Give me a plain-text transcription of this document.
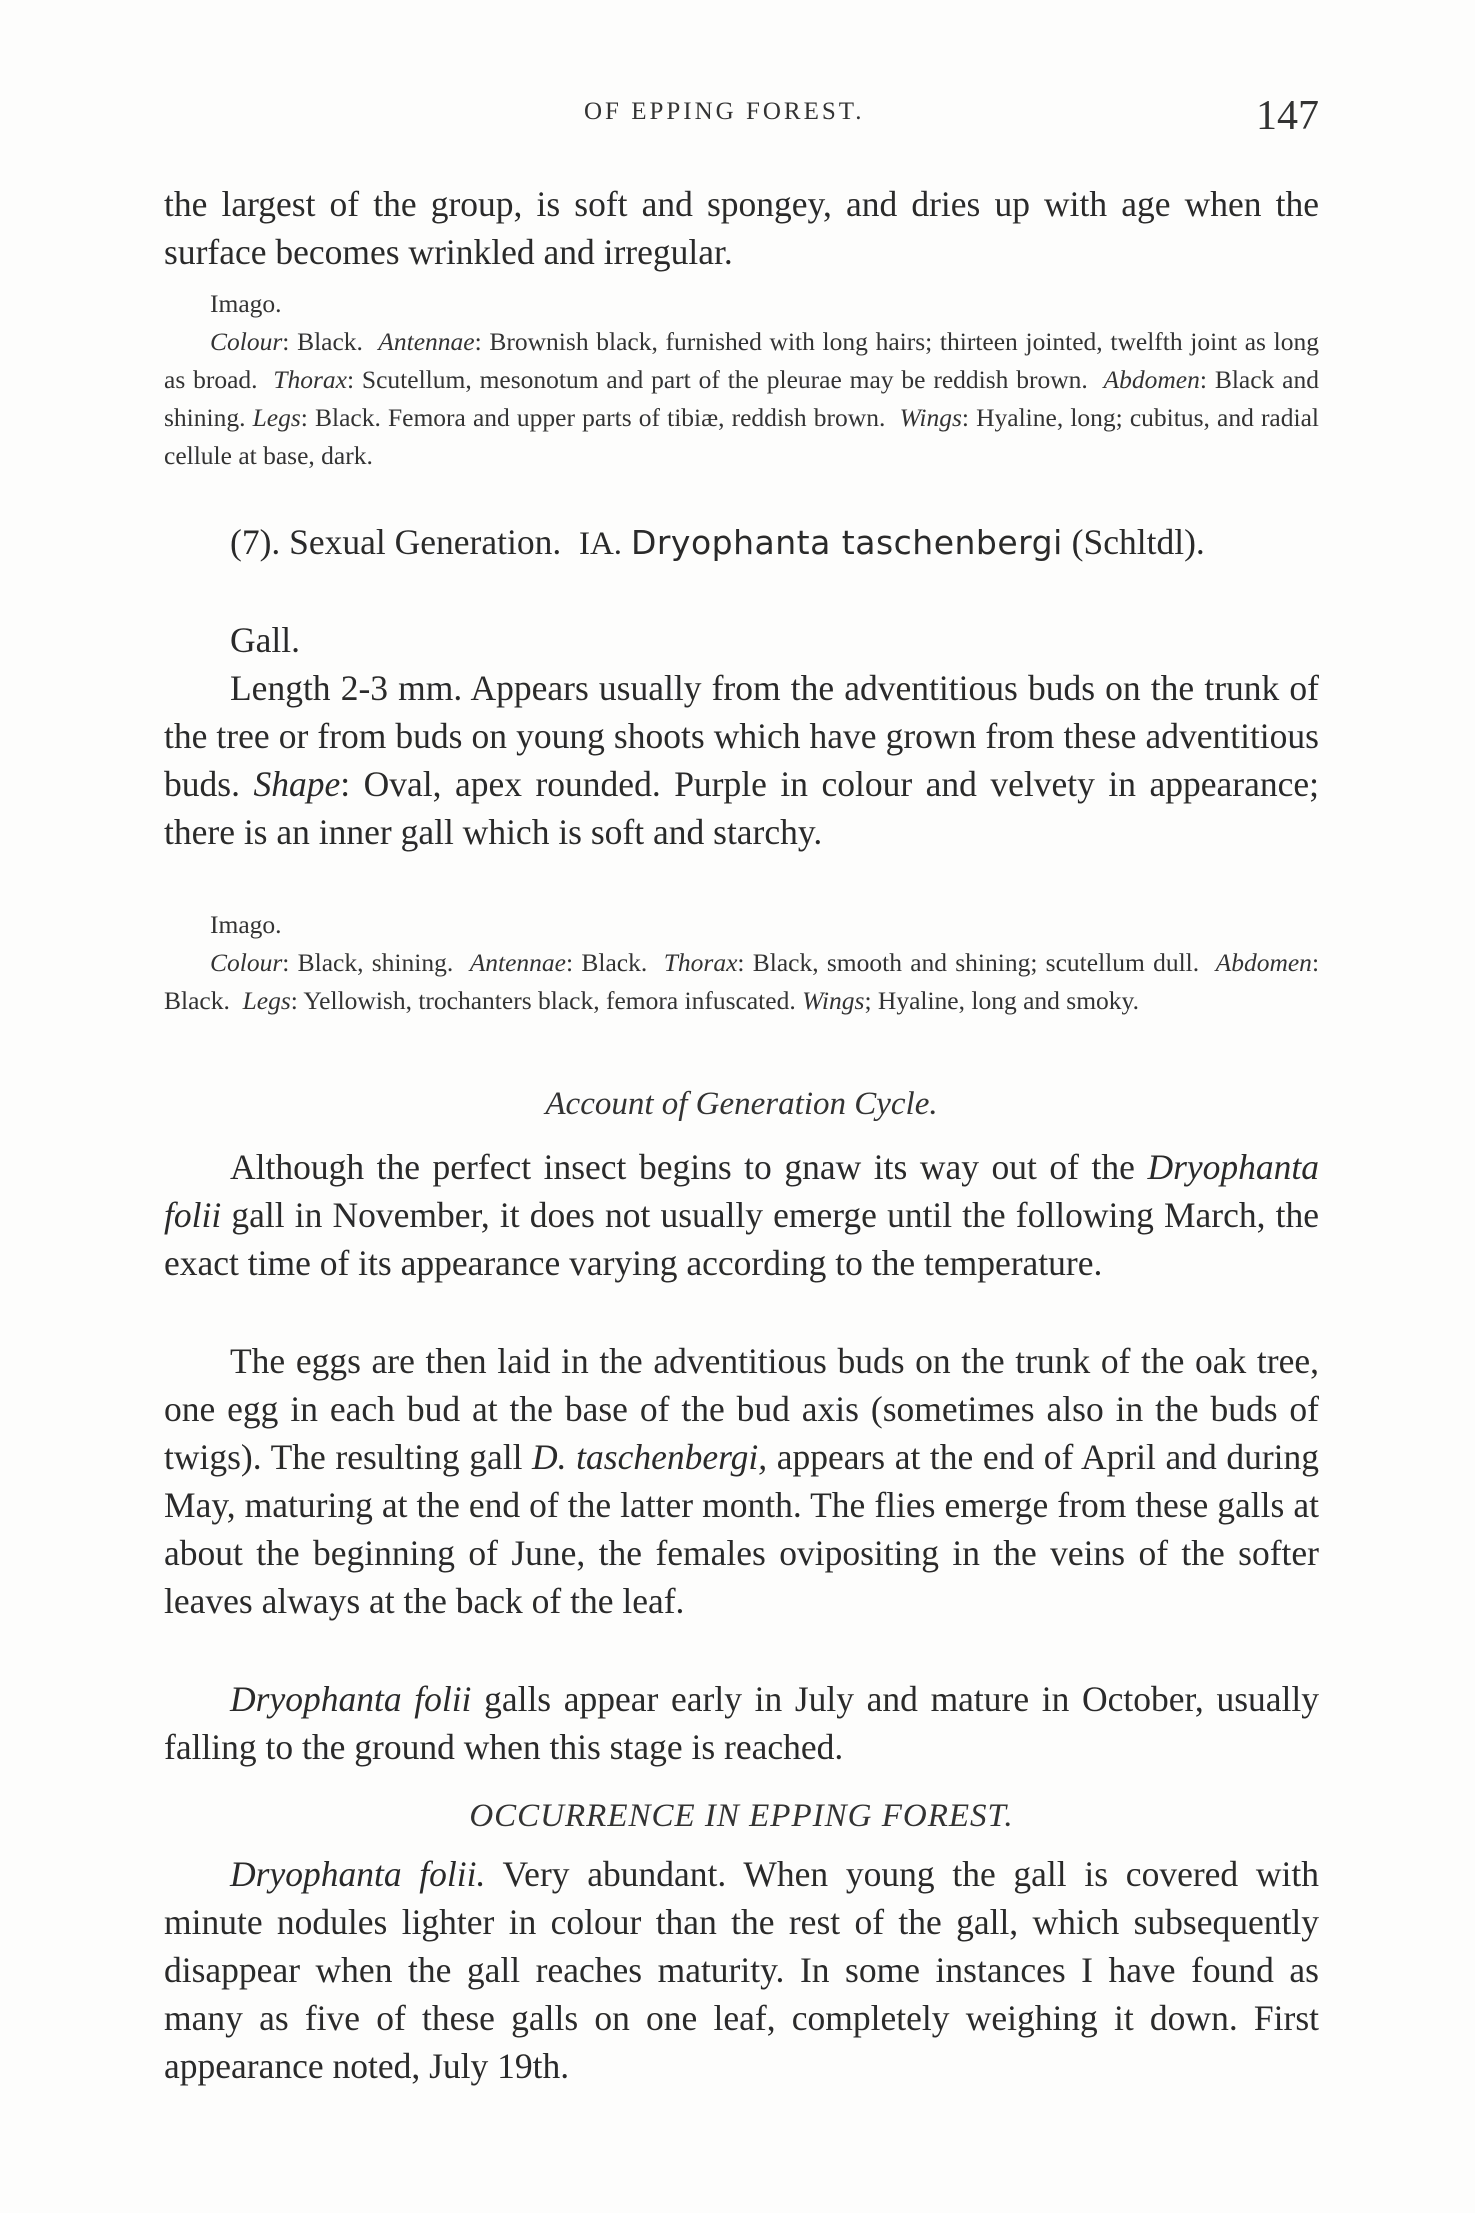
OF EPPING FOREST.	147

the largest of the group, is soft and spongey, and dries up with age when the surface becomes wrinkled and irregular.

Imago.

Colour: Black. Antennae: Brownish black, furnished with long hairs; thirteen jointed, twelfth joint as long as broad. Thorax: Scutellum, mesonotum and part of the pleurae may be reddish brown. Abdomen: Black and shining. Legs: Black. Femora and upper parts of tibiæ, reddish brown. Wings: Hyaline, long; cubitus, and radial cellule at base, dark.

(7). Sexual Generation. IA. Dryophanta taschenbergi (Schltdl).

Gall.

Length 2-3 mm. Appears usually from the adventitious buds on the trunk of the tree or from buds on young shoots which have grown from these adventitious buds. Shape: Oval, apex rounded. Purple in colour and velvety in appearance; there is an inner gall which is soft and starchy.

Imago.

Colour: Black, shining. Antennae: Black. Thorax: Black, smooth and shining; scutellum dull. Abdomen: Black. Legs: Yellowish, trochanters black, femora infuscated. Wings; Hyaline, long and smoky.

Account of Generation Cycle.

Although the perfect insect begins to gnaw its way out of the Dryophanta folii gall in November, it does not usually emerge until the following March, the exact time of its appearance varying according to the temperature.

The eggs are then laid in the adventitious buds on the trunk of the oak tree, one egg in each bud at the base of the bud axis (sometimes also in the buds of twigs). The resulting gall D. taschenbergi, appears at the end of April and during May, maturing at the end of the latter month. The flies emerge from these galls at about the beginning of June, the females ovipositing in the veins of the softer leaves always at the back of the leaf.

Dryophanta folii galls appear early in July and mature in October, usually falling to the ground when this stage is reached.

OCCURRENCE IN EPPING FOREST.

Dryophanta folii. Very abundant. When young the gall is covered with minute nodules lighter in colour than the rest of the gall, which subsequently disappear when the gall reaches maturity. In some instances I have found as many as five of these galls on one leaf, completely weighing it down. First appearance noted, July 19th.
